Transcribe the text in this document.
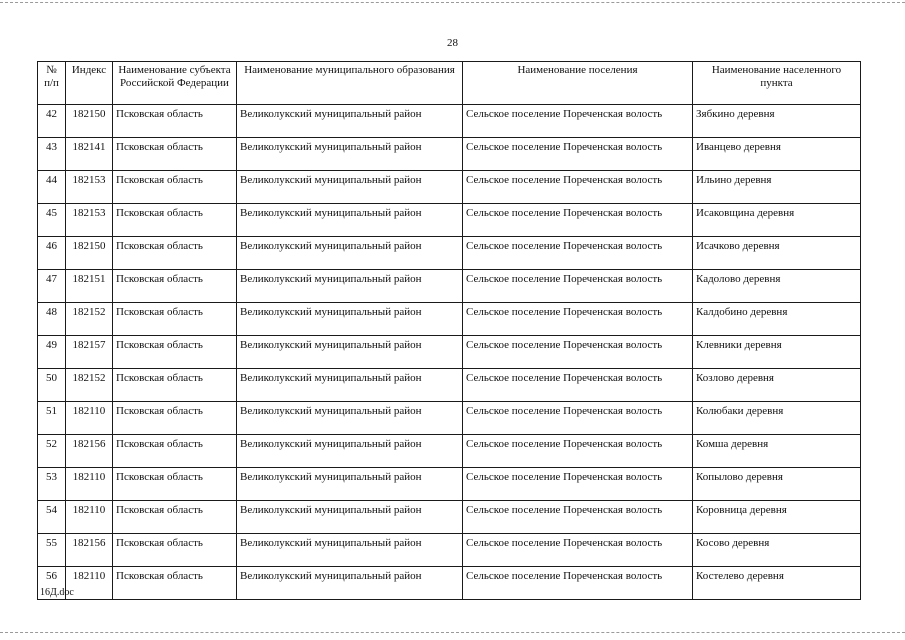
28
№ п/п	Индекс	Наименование субъекта Российской Федерации	Наименование муниципального образования	Наименование поселения	Наименование населенного пункта
42	182150	Псковская область	Великолукский муниципальный район	Сельское поселение Пореченская волость	Зябкино деревня
43	182141	Псковская область	Великолукский муниципальный район	Сельское поселение Пореченская волость	Иванцево деревня
44	182153	Псковская область	Великолукский муниципальный район	Сельское поселение Пореченская волость	Ильино деревня
45	182153	Псковская область	Великолукский муниципальный район	Сельское поселение Пореченская волость	Исаковщина деревня
46	182150	Псковская область	Великолукский муниципальный район	Сельское поселение Пореченская волость	Исачково деревня
47	182151	Псковская область	Великолукский муниципальный район	Сельское поселение Пореченская волость	Кадолово деревня
48	182152	Псковская область	Великолукский муниципальный район	Сельское поселение Пореченская волость	Калдобино деревня
49	182157	Псковская область	Великолукский муниципальный район	Сельское поселение Пореченская волость	Клевники деревня
50	182152	Псковская область	Великолукский муниципальный район	Сельское поселение Пореченская волость	Козлово деревня
51	182110	Псковская область	Великолукский муниципальный район	Сельское поселение Пореченская волость	Колюбаки деревня
52	182156	Псковская область	Великолукский муниципальный район	Сельское поселение Пореченская волость	Комша деревня
53	182110	Псковская область	Великолукский муниципальный район	Сельское поселение Пореченская волость	Копылово деревня
54	182110	Псковская область	Великолукский муниципальный район	Сельское поселение Пореченская волость	Коровница деревня
55	182156	Псковская область	Великолукский муниципальный район	Сельское поселение Пореченская волость	Косово деревня
56	182110	Псковская область	Великолукский муниципальный район	Сельское поселение Пореченская волость	Костелево деревня
16Д.doc
